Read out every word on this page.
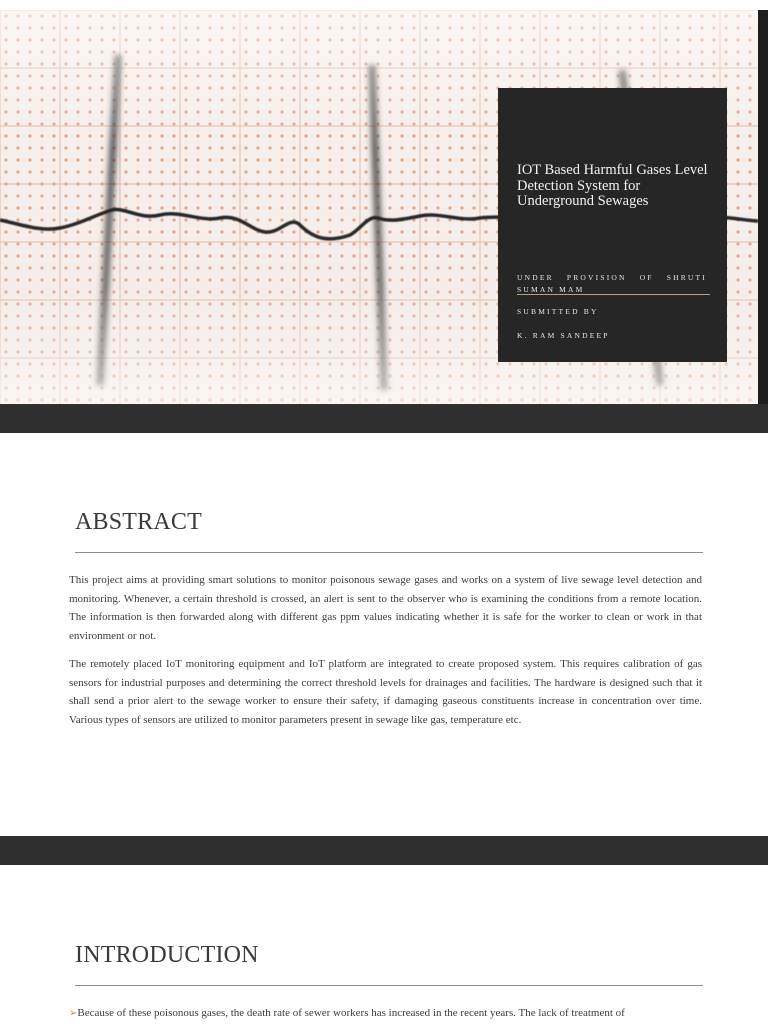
IOT Based Harmful Gases Level Detection System for Underground Sewages
UNDER PROVISION OF SHRUTI SUMAN MAM
SUBMITTED BY
K. RAM SANDEEP
ABSTRACT
This project aims at providing smart solutions to monitor poisonous sewage gases and works on a system of live sewage level detection and monitoring. Whenever, a certain threshold is crossed, an alert is sent to the observer who is examining the conditions from a remote location. The information is then forwarded along with different gas ppm values indicating whether it is safe for the worker to clean or work in that environment or not.
The remotely placed IoT monitoring equipment and IoT platform are integrated to create proposed system. This requires calibration of gas sensors for industrial purposes and determining the correct threshold levels for drainages and facilities. The hardware is designed such that it shall send a prior alert to the sewage worker to ensure their safety, if damaging gaseous constituents increase in concentration over time. Various types of sensors are utilized to monitor parameters present in sewage like gas, temperature etc.
INTRODUCTION
➢Because of these poisonous gases, the death rate of sewer workers has increased in the recent years. The lack of treatment of
